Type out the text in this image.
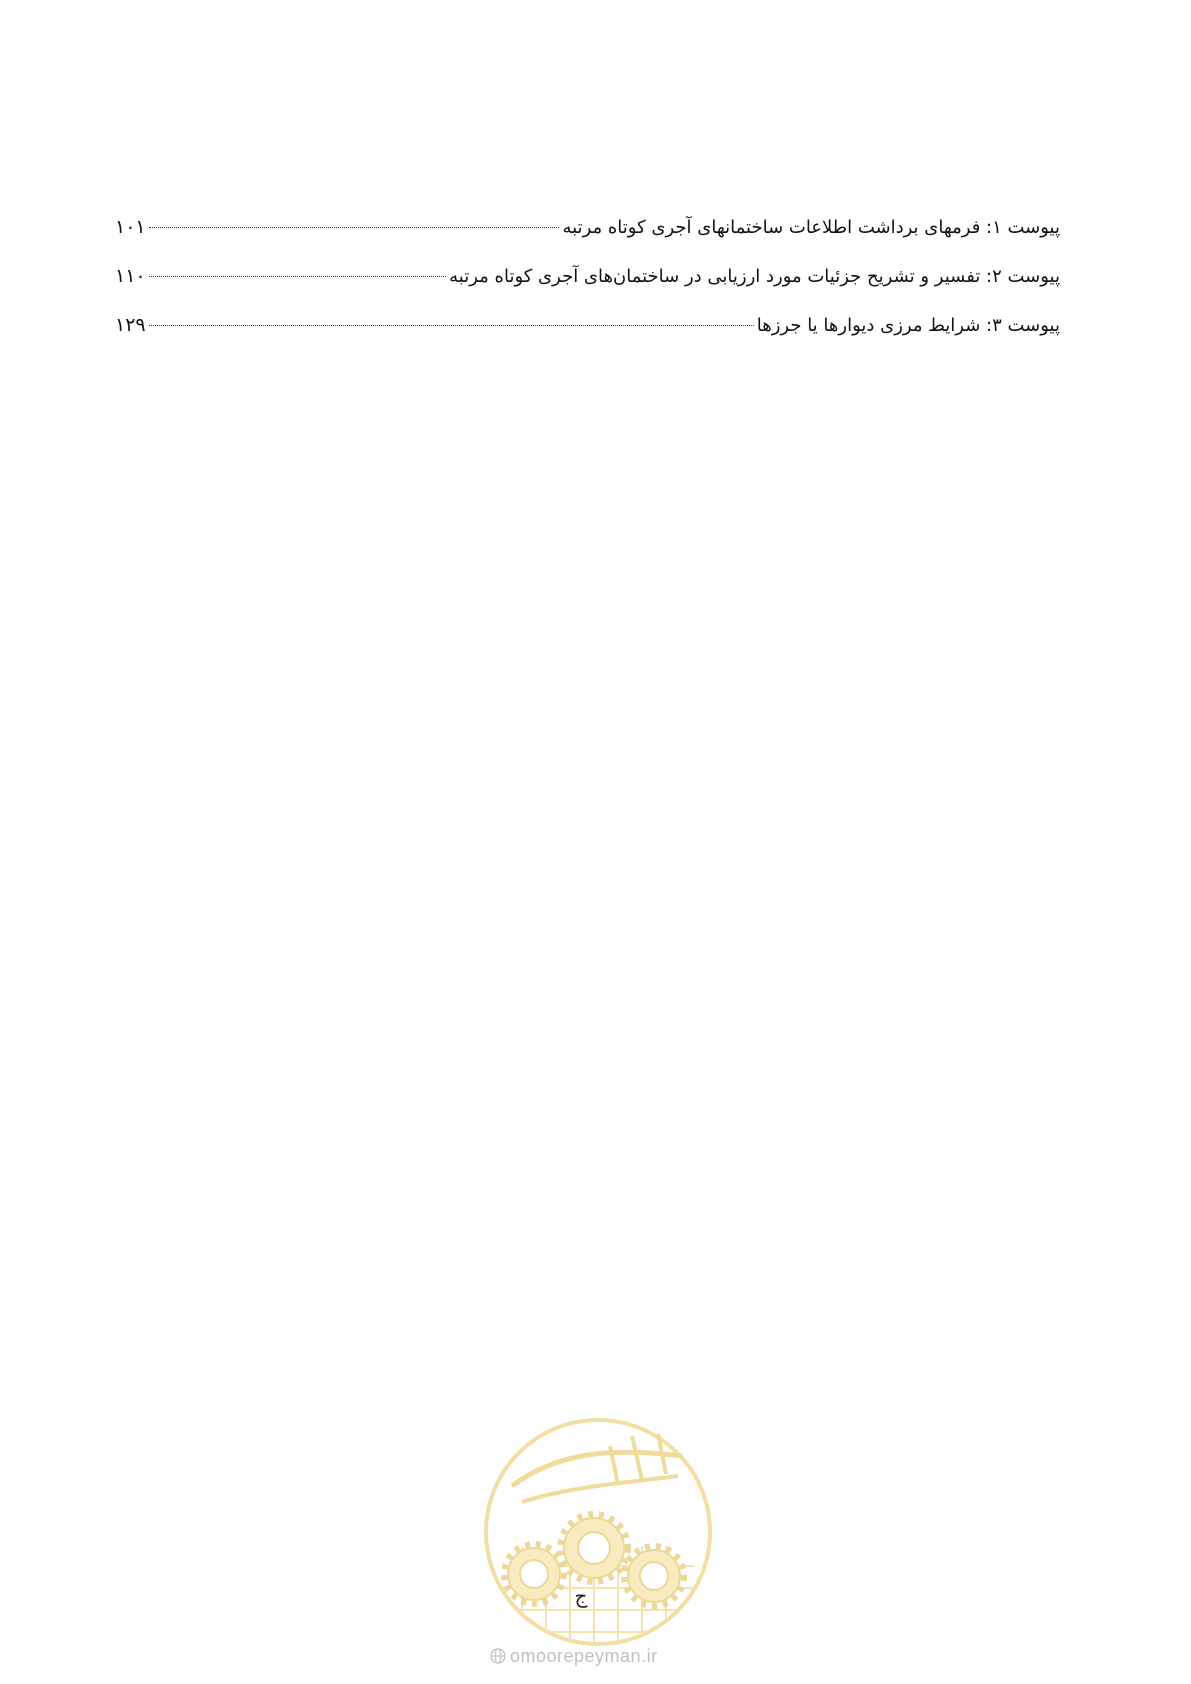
پیوست ۱: فرمهای برداشت اطلاعات ساختمانهای آجری کوتاه مرتبه
۱۰۱
پیوست ۲: تفسیر و تشریح جزئیات مورد ارزیابی در ساختمان‌های آجری کوتاه مرتبه
۱۱۰
پیوست ۳: شرایط مرزی دیوارها یا جرزها
۱۲۹
ج
omoorepeyman.ir
